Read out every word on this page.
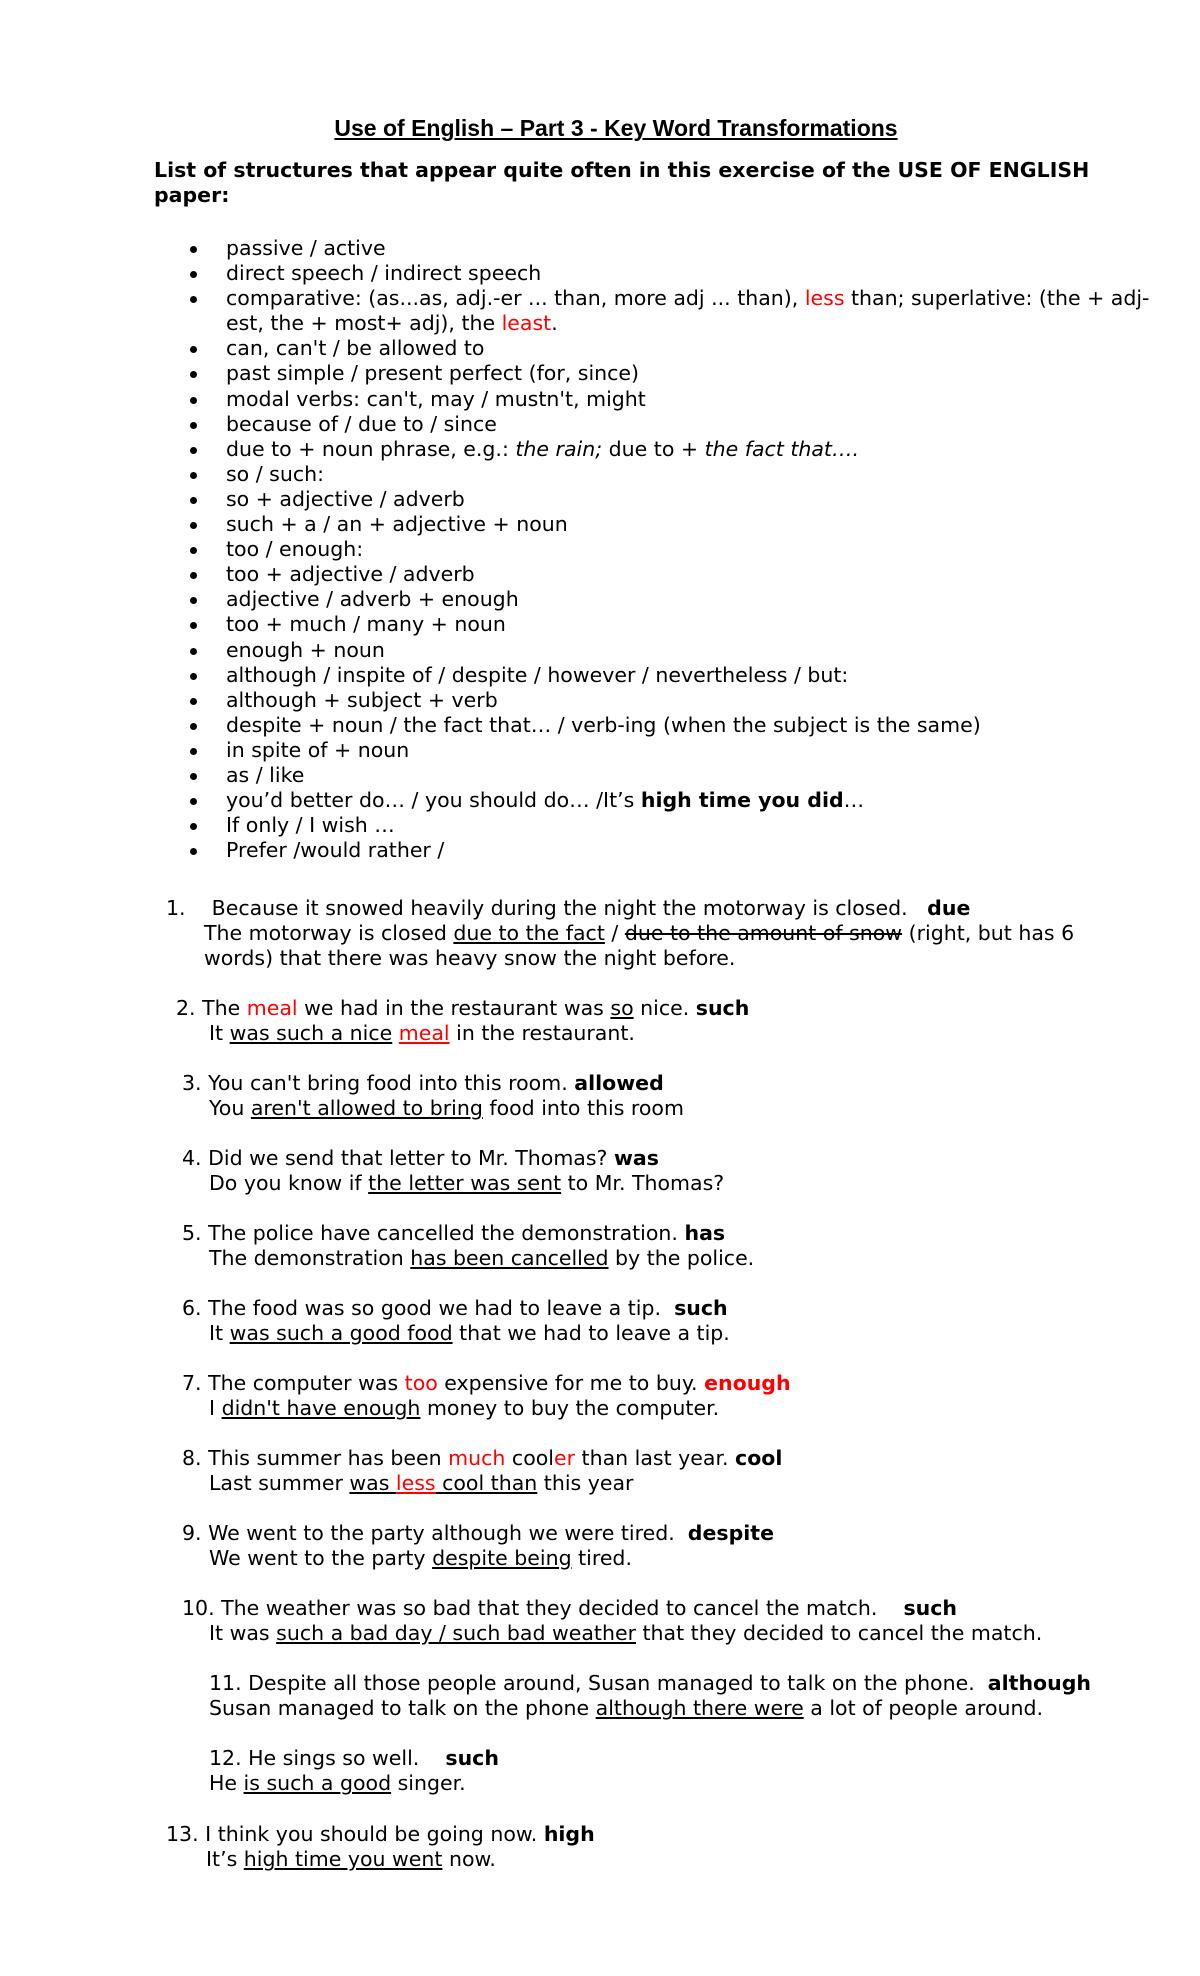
Use of English – Part 3 - Key Word Transformations
List of structures that appear quite often in this exercise of the USE OF ENGLISH paper:
passive / active
direct speech / indirect speech
comparative: (as...as, adj.-er ... than, more adj ... than), less than; superlative: (the + adj-est, the + most+ adj), the least.
can, can't / be allowed to
past simple / present perfect (for, since)
modal verbs: can't, may / mustn't, might
because of / due to / since
due to + noun phrase, e.g.: the rain; due to + the fact that….
so / such:
so + adjective / adverb
such + a / an + adjective + noun
too / enough:
too + adjective / adverb
adjective / adverb + enough
too + much / many + noun
enough + noun
although / inspite of / despite / however / nevertheless / but:
although + subject + verb
despite + noun / the fact that… / verb-ing (when the subject is the same)
in spite of + noun
as / like
you’d better do… / you should do… /It’s high time you did…
If only / I wish …
Prefer /would rather /
1. Because it snowed heavily during the night the motorway is closed. due
The motorway is closed due to the fact / due to the amount of snow (right, but has 6
words) that there was heavy snow the night before.
2. The meal we had in the restaurant was so nice. such
It was such a nice meal in the restaurant.
3. You can't bring food into this room. allowed
You aren't allowed to bring food into this room
4. Did we send that letter to Mr. Thomas? was
Do you know if the letter was sent to Mr. Thomas?
5. The police have cancelled the demonstration. has
The demonstration has been cancelled by the police.
6. The food was so good we had to leave a tip. such
It was such a good food that we had to leave a tip.
7. The computer was too expensive for me to buy. enough
I didn't have enough money to buy the computer.
8. This summer has been much cooler than last year. cool
Last summer was less cool than this year
9. We went to the party although we were tired. despite
We went to the party despite being tired.
10. The weather was so bad that they decided to cancel the match. such
It was such a bad day / such bad weather that they decided to cancel the match.
11. Despite all those people around, Susan managed to talk on the phone. although
Susan managed to talk on the phone although there were a lot of people around.
12. He sings so well. such
He is such a good singer.
13. I think you should be going now. high
It’s high time you went now.
